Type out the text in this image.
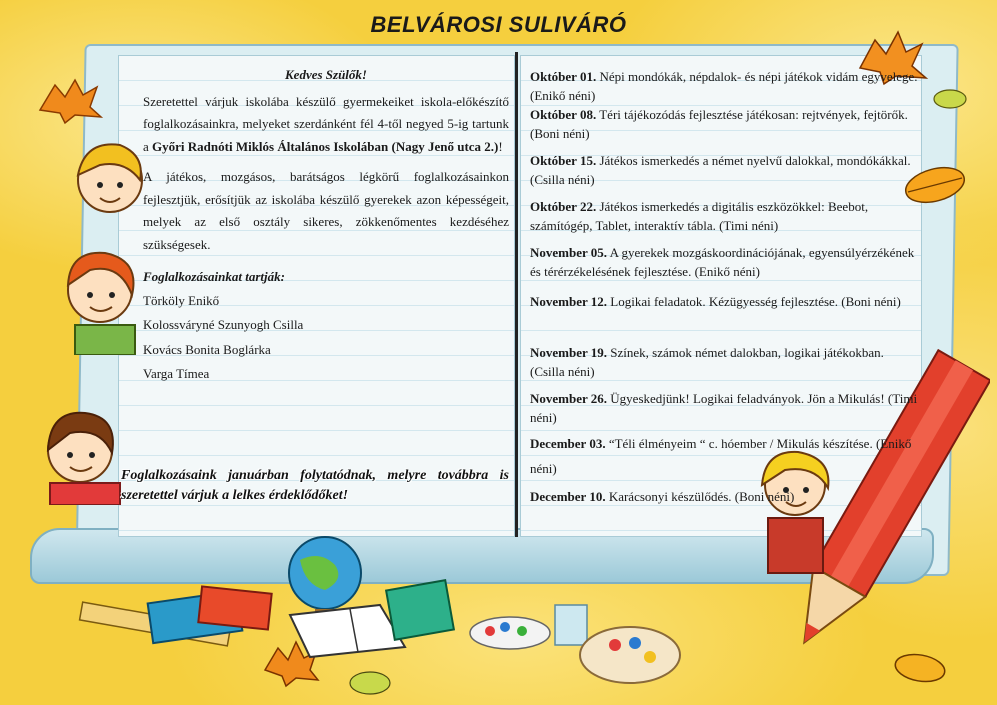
BELVÁROSI SULIVÁRÓ
Kedves Szülők!

Szeretettel várjuk iskolába készülő gyermekeiket iskola-előkészítő foglalkozásainkra, melyeket szerdánként fél 4-től negyed 5-ig tartunk a Győri Radnóti Miklós Általános Iskolában (Nagy Jenő utca 2.)!

A játékos, mozgásos, barátságos légkörű foglalkozásainkon fejlesztjük, erősítjük az iskolába készülő gyerekek azon képességeit, melyek az első osztály sikeres, zökkenőmentes kezdéséhez szükségesek.

Foglalkozásainkat tartják:
Törköly Enikő
Kolossváryné Szunyogh Csilla
Kovács Bonita Boglárka
Varga Tímea
Foglalkozásaink januárban folytatódnak, melyre továbbra is szeretettel várjuk a lelkes érdeklődőket!

Október 01. Népi mondókák, népdalok- és népi játékok vidám egyvelege. (Enikő néni)

Október 08. Téri tájékozódás fejlesztése játékosan: rejtvények, fejtörők. (Boni néni)

Október 15. Játékos ismerkedés a német nyelvű dalokkal, mondókákkal. (Csilla néni)

Október 22. Játékos ismerkedés a digitális eszközökkel: Beebot, számítógép, Tablet, interaktív tábla. (Timi néni)

November 05. A gyerekek mozgáskoordinációjának, egyensúlyérzékének és térérzékelésének fejlesztése. (Enikő néni)

November 12. Logikai feladatok. Kézügyesség fejlesztése. (Boni néni)

November 19. Színek, számok német dalokban, logikai játékokban. (Csilla néni)

November 26. Ügyeskedjünk! Logikai feladványok. Jön a Mikulás! (Timi néni)

December 03. “Téli élményeim “ c. hóember / Mikulás készítése. (Enikő néni)

December 10. Karácsonyi készülődés. (Boni néni)
